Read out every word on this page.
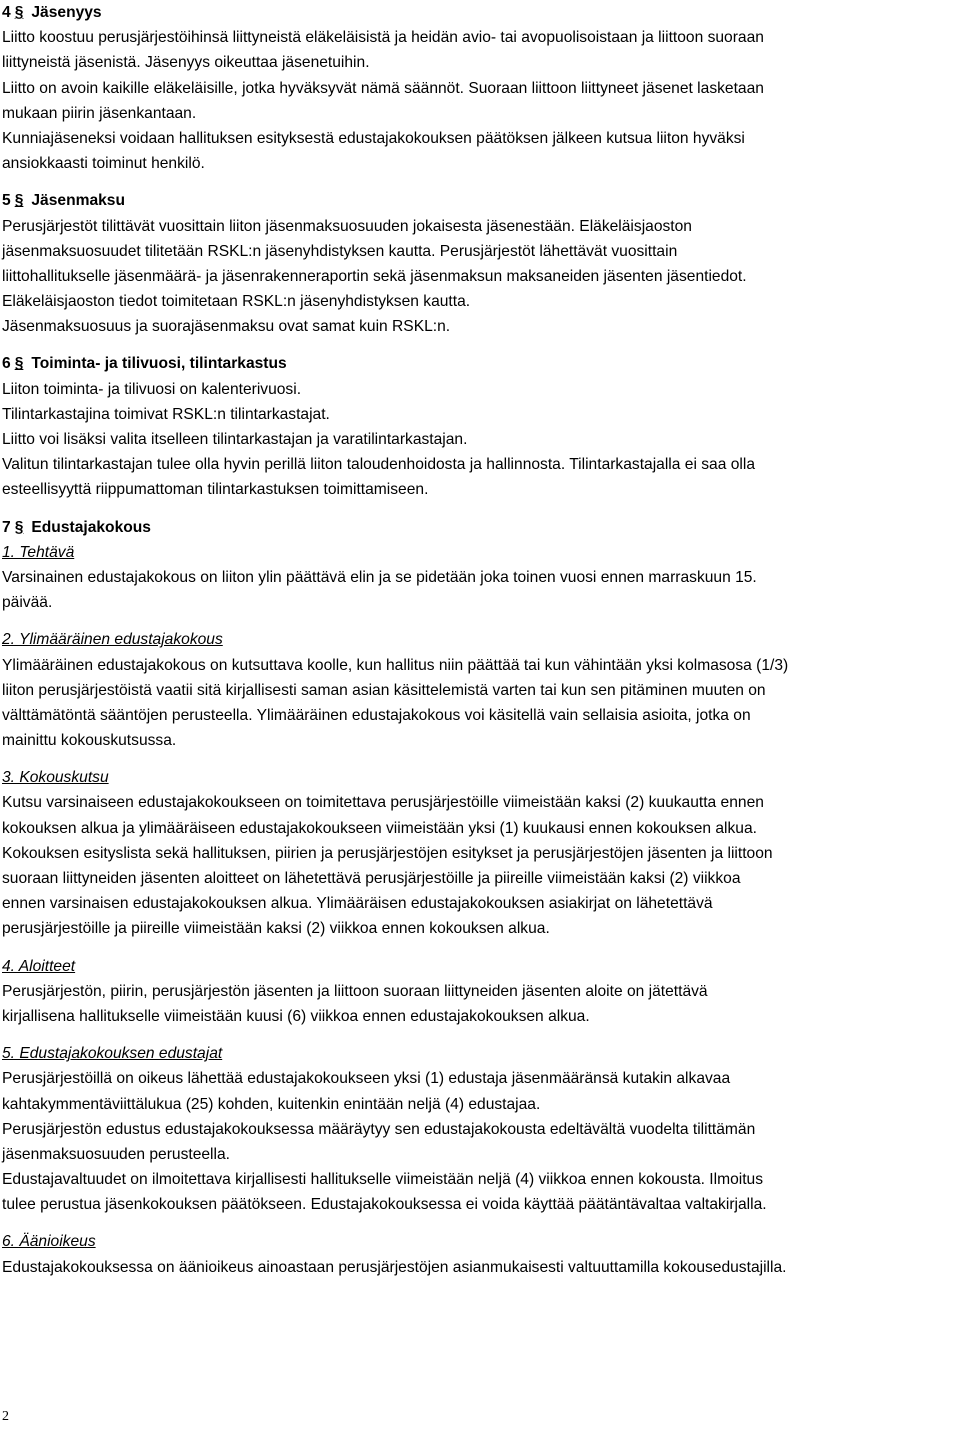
4 § Jäsenyys
Liitto koostuu perusjärjestöihinsä liittyneistä eläkeläisistä ja heidän avio- tai avopuolisoistaan ja liittoon suoraan
liittyneistä jäsenistä. Jäsenyys oikeuttaa jäsenetuihin.
Liitto on avoin kaikille eläkeläisille, jotka hyväksyvät nämä säännöt. Suoraan liittoon liittyneet jäsenet lasketaan
mukaan piirin jäsenkantaan.
Kunniajäseneksi voidaan hallituksen esityksestä edustajakokouksen päätöksen jälkeen kutsua liiton hyväksi
ansiokkaasti toiminut henkilö.
5 § Jäsenmaksu
Perusjärjestöt tilittävät vuosittain liiton jäsenmaksuosuuden jokaisesta jäsenestään. Eläkeläisjaoston
jäsenmaksuosuudet tilitetään RSKL:n jäsenyhdistyksen kautta. Perusjärjestöt lähettävät vuosittain
liittohallitukselle jäsenmäärä- ja jäsenrakenneraportin sekä jäsenmaksun maksaneiden jäsenten jäsentiedot.
Eläkeläisjaoston tiedot toimitetaan RSKL:n jäsenyhdistyksen kautta.
Jäsenmaksuosuus ja suorajäsenmaksu ovat samat kuin RSKL:n.
6 § Toiminta- ja tilivuosi, tilintarkastus
Liiton toiminta- ja tilivuosi on kalenterivuosi.
Tilintarkastajina toimivat RSKL:n tilintarkastajat.
Liitto voi lisäksi valita itselleen tilintarkastajan ja varatilintarkastajan.
Valitun tilintarkastajan tulee olla hyvin perillä liiton taloudenhoidosta ja hallinnosta. Tilintarkastajalla ei saa olla
esteellisyyttä riippumattoman tilintarkastuksen toimittamiseen.
7 § Edustajakokous
1. Tehtävä
Varsinainen edustajakokous on liiton ylin päättävä elin ja se pidetään joka toinen vuosi ennen marraskuun 15.
päivää.
2. Ylimääräinen edustajakokous
Ylimääräinen edustajakokous on kutsuttava koolle, kun hallitus niin päättää tai kun vähintään yksi kolmasosa (1/3)
liiton perusjärjestöistä vaatii sitä kirjallisesti saman asian käsittelemistä varten tai kun sen pitäminen muuten on
välttämätöntä sääntöjen perusteella. Ylimääräinen edustajakokous voi käsitellä vain sellaisia asioita, jotka on
mainittu kokouskutsussa.
3. Kokouskutsu
Kutsu varsinaiseen edustajakokoukseen on toimitettava perusjärjestöille viimeistään kaksi (2) kuukautta ennen
kokouksen alkua ja ylimääräiseen edustajakokoukseen viimeistään yksi (1) kuukausi ennen kokouksen alkua.
Kokouksen esityslista sekä hallituksen, piirien ja perusjärjestöjen esitykset ja perusjärjestöjen jäsenten ja liittoon
suoraan liittyneiden jäsenten aloitteet on lähetettävä perusjärjestöille ja piireille viimeistään kaksi (2) viikkoa
ennen varsinaisen edustajakokouksen alkua. Ylimääräisen edustajakokouksen asiakirjat on lähetettävä
perusjärjestöille ja piireille viimeistään kaksi (2) viikkoa ennen kokouksen alkua.
4. Aloitteet
Perusjärjestön, piirin, perusjärjestön jäsenten ja liittoon suoraan liittyneiden jäsenten aloite on jätettävä
kirjallisena hallitukselle viimeistään kuusi (6) viikkoa ennen edustajakokouksen alkua.
5. Edustajakokouksen edustajat
Perusjärjestöillä on oikeus lähettää edustajakokoukseen yksi (1) edustaja jäsenmääränsä kutakin alkavaa
kahtakymmentäviittälukua (25) kohden, kuitenkin enintään neljä (4) edustajaa.
Perusjärjestön edustus edustajakokouksessa määräytyy sen edustajakokousta edeltävältä vuodelta tilittämän
jäsenmaksuosuuden perusteella.
Edustajavaltuudet on ilmoitettava kirjallisesti hallitukselle viimeistään neljä (4) viikkoa ennen kokousta. Ilmoitus
tulee perustua jäsenkokouksen päätökseen. Edustajakokouksessa ei voida käyttää päätäntävaltaa valtakirjalla.
6. Äänioikeus
Edustajakokouksessa on äänioikeus ainoastaan perusjärjestöjen asianmukaisesti valtuuttamilla kokousedustajilla.
2
